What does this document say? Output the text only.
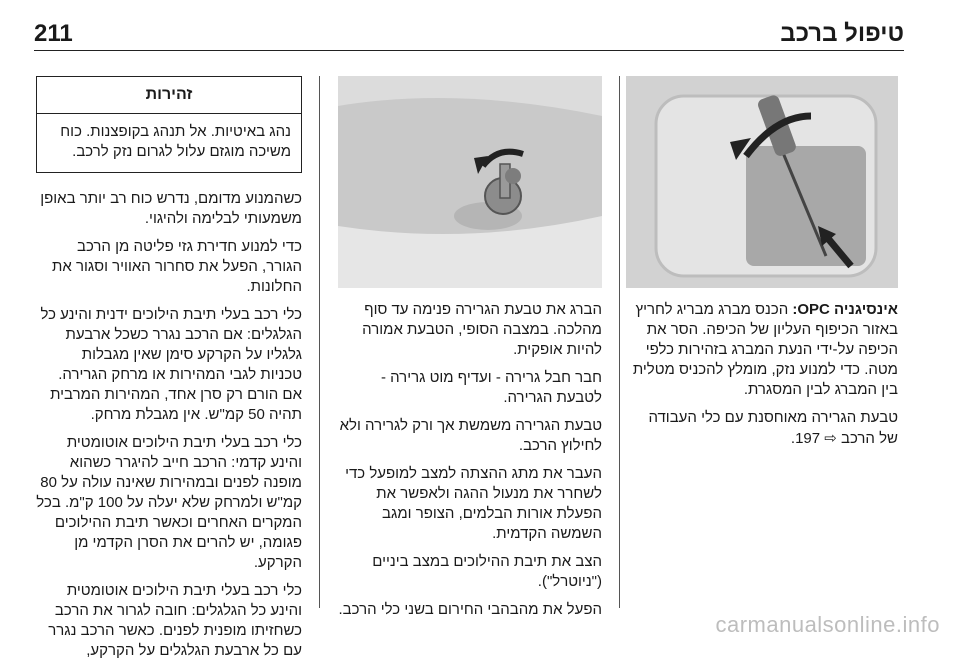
טיפול ברכב
211
זהירות
נהג באיטיות. אל תנהג בקופצנות. כוח משיכה מוגזם עלול לגרום נזק לרכב.

כשהמנוע מדומם, נדרש כוח רב יותר באופן משמעותי לבלימה ולהיגוי.

כדי למנוע חדירת גזי פליטה מן הרכב הגורר, הפעל את סחרור האוויר וסגור את החלונות.

כלי רכב בעלי תיבת הילוכים ידנית והינע כל הגלגלים: אם הרכב נגרר כשכל ארבעת גלגליו על הקרקע סימן שאין מגבלות טכניות לגבי המהירות או מרחק הגרירה. אם הורם רק סרן אחד, המהירות המרבית תהיה 50 קמ"ש. אין מגבלת מרחק.

כלי רכב בעלי תיבת הילוכים אוטומטית והינע קדמי: הרכב חייב להיגרר כשהוא מופנה לפנים ובמהירות שאינה עולה על 80 קמ"ש ולמרחק שלא יעלה על 100 ק"מ. בכל המקרים האחרים וכאשר תיבת ההילוכים פגומה, יש להרים את הסרן הקדמי מן הקרקע.

כלי רכב בעלי תיבת הילוכים אוטומטית והינע כל הגלגלים: חובה לגרור את הרכב כשחזיתו מופנית לפנים. כאשר הרכב נגרר עם כל ארבעת הגלגלים על הקרקע,

הברג את טבעת הגרירה פנימה עד סוף מהלכה. במצבה הסופי, הטבעת אמורה להיות אופקית.

חבר חבל גרירה - ועדיף מוט גרירה - לטבעת הגרירה.

טבעת הגרירה משמשת אך ורק לגרירה ולא לחילוץ הרכב.

העבר את מתג ההצתה למצב למופעל כדי לשחרר את מנעול ההגה ולאפשר את הפעלת אורות הבלמים, הצופר ומגב השמשה הקדמית.

הצב את תיבת ההילוכים במצב ביניים ("ניוטרל").

הפעל את מהבהבי החירום בשני כלי הרכב.

אינסיגניה OPC: הכנס מברג מבריג לחריץ באזור הכיפוף העליון של הכיפה. הסר את הכיפה על-ידי הנעת המברג בזהירות כלפי מטה. כדי למנוע נזק, מומלץ להכניס מטלית בין המברג לבין המסגרת.

טבעת הגרירה מאוחסנת עם כלי העבודה של הרכב ⇨ 197.

carmanualsonline.info
